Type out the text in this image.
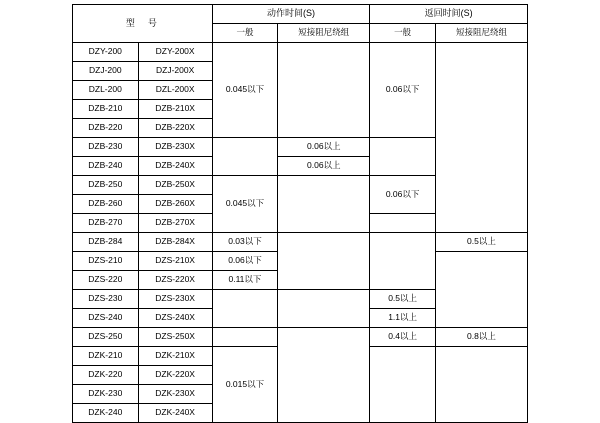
型　号		动作时间(S)		返回时间(S)	
		一般	短接阻尼绕组	一般	短接阻尼绕组
DZY-200	DZY-200X	0.045以下		0.06以下	
DZJ-200	DZJ-200X				
DZL-200	DZL-200X				
DZB-210	DZB-210X				
DZB-220	DZB-220X				
DZB-230	DZB-230X		0.06以上		
DZB-240	DZB-240X		0.06以上		
DZB-250	DZB-250X	0.045以下		0.06以下	
DZB-260	DZB-260X				
DZB-270	DZB-270X				
DZB-284	DZB-284X	0.03以下			0.5以上
DZS-210	DZS-210X	0.06以下			
DZS-220	DZS-220X	0.11以下			
DZS-230	DZS-230X			0.5以上	
DZS-240	DZS-240X			1.1以上	
DZS-250	DZS-250X			0.4以上	0.8以上
DZK-210	DZK-210X	0.015以下			
DZK-220	DZK-220X				
DZK-230	DZK-230X				
DZK-240	DZK-240X				
